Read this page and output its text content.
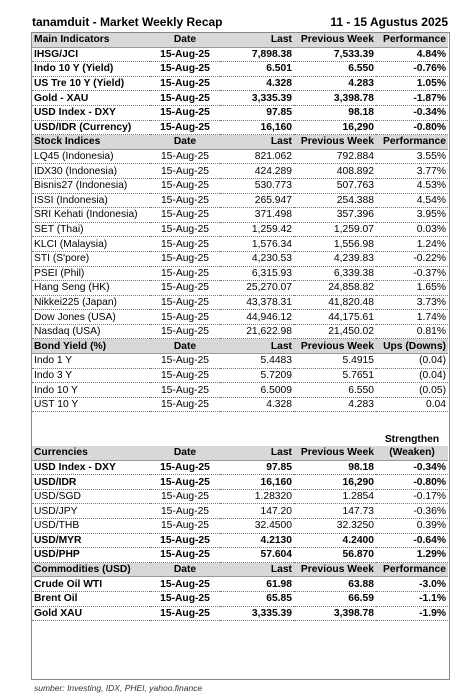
tanamduit - Market Weekly Recap	11 - 15 Agustus 2025
Main Indicators	Date	Last	Previous Week	Performance
IHSG/JCI	15-Aug-25	7,898.38	7,533.39	4.84%
Indo 10 Y (Yield)	15-Aug-25	6.501	6.550	-0.76%
US Tre 10 Y (Yield)	15-Aug-25	4.328	4.283	1.05%
Gold - XAU	15-Aug-25	3,335.39	3,398.78	-1.87%
USD Index - DXY	15-Aug-25	97.85	98.18	-0.34%
USD/IDR (Currency)	15-Aug-25	16,160	16,290	-0.80%
Stock Indices	Date	Last	Previous Week	Performance
LQ45 (Indonesia)	15-Aug-25	821.062	792.884	3.55%
IDX30 (Indonesia)	15-Aug-25	424.289	408.892	3.77%
Bisnis27 (Indonesia)	15-Aug-25	530.773	507.763	4.53%
ISSI (Indonesia)	15-Aug-25	265.947	254.388	4.54%
SRI Kehati (Indonesia)	15-Aug-25	371.498	357.396	3.95%
SET (Thai)	15-Aug-25	1,259.42	1,259.07	0.03%
KLCI (Malaysia)	15-Aug-25	1,576.34	1,556.98	1.24%
STI (S'pore)	15-Aug-25	4,230.53	4,239.83	-0.22%
PSEI (Phil)	15-Aug-25	6,315.93	6,339.38	-0.37%
Hang Seng (HK)	15-Aug-25	25,270.07	24,858.82	1.65%
Nikkei225 (Japan)	15-Aug-25	43,378.31	41,820.48	3.73%
Dow Jones (USA)	15-Aug-25	44,946.12	44,175.61	1.74%
Nasdaq (USA)	15-Aug-25	21,622.98	21,450.02	0.81%
Bond Yield (%)	Date	Last	Previous Week	Ups (Downs)
Indo 1 Y	15-Aug-25	5.4483	5.4915	(0.04)
Indo 3 Y	15-Aug-25	5.7209	5.7651	(0.04)
Indo 10 Y	15-Aug-25	6.5009	6.550	(0.05)
UST 10 Y	15-Aug-25	4.328	4.283	0.04

				Strengthen
Currencies	Date	Last	Previous Week	(Weaken)
USD Index - DXY	15-Aug-25	97.85	98.18	-0.34%
USD/IDR	15-Aug-25	16,160	16,290	-0.80%
USD/SGD	15-Aug-25	1.28320	1.2854	-0.17%
USD/JPY	15-Aug-25	147.20	147.73	-0.36%
USD/THB	15-Aug-25	32.4500	32.3250	0.39%
USD/MYR	15-Aug-25	4.2130	4.2400	-0.64%
USD/PHP	15-Aug-25	57.604	56.870	1.29%
Commodities (USD)	Date	Last	Previous Week	Performance
Crude Oil WTI	15-Aug-25	61.98	63.88	-3.0%
Brent Oil	15-Aug-25	65.85	66.59	-1.1%
Gold XAU	15-Aug-25	3,335.39	3,398.78	-1.9%
sumber: Investing, IDX, PHEI, yahoo.finance
